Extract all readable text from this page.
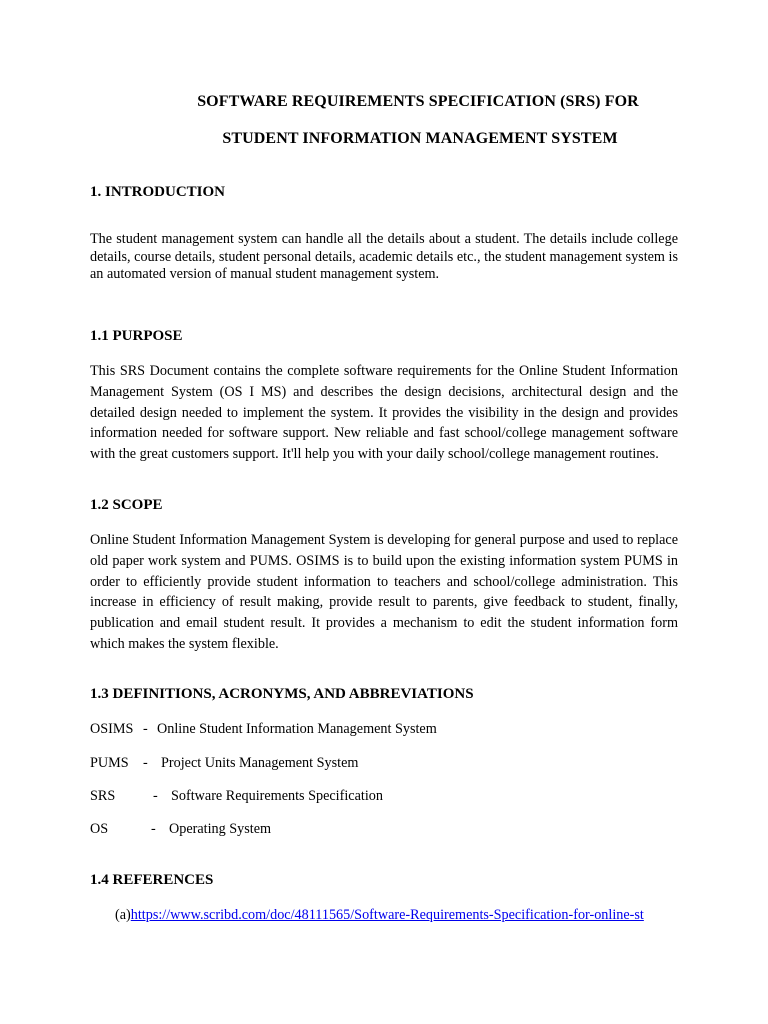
SOFTWARE REQUIREMENTS SPECIFICATION (SRS) FOR
STUDENT INFORMATION MANAGEMENT SYSTEM
1. INTRODUCTION
The student management system can handle all the details about a student. The details include college details, course details, student personal details, academic details etc., the student management system is an automated version of manual student management system.
1.1 PURPOSE
This SRS Document contains the complete software requirements for the Online Student Information Management System (OS I MS) and describes the design decisions, architectural design and the detailed design needed to implement the system. It provides the visibility in the design and provides information needed for software support. New reliable and fast school/college management software with the great customers support. It'll help you with your daily school/college management routines.
1.2 SCOPE
Online Student Information Management System is developing for general purpose and used to replace old paper work system and PUMS. OSIMS is to build upon the existing information system PUMS in order to efficiently provide student information to teachers and school/college administration. This increase in efficiency of result making, provide result to parents, give feedback to student, finally, publication and email student result. It provides a mechanism to edit the student information form which makes the system flexible.
1.3 DEFINITIONS, ACRONYMS, AND ABBREVIATIONS
OSIMS - Online Student Information Management System
PUMS - Project Units Management System
SRS	- Software Requirements Specification
OS	- Operating System
1.4 REFERENCES
(a)https://www.scribd.com/doc/48111565/Software-Requirements-Specification-for-online-st
